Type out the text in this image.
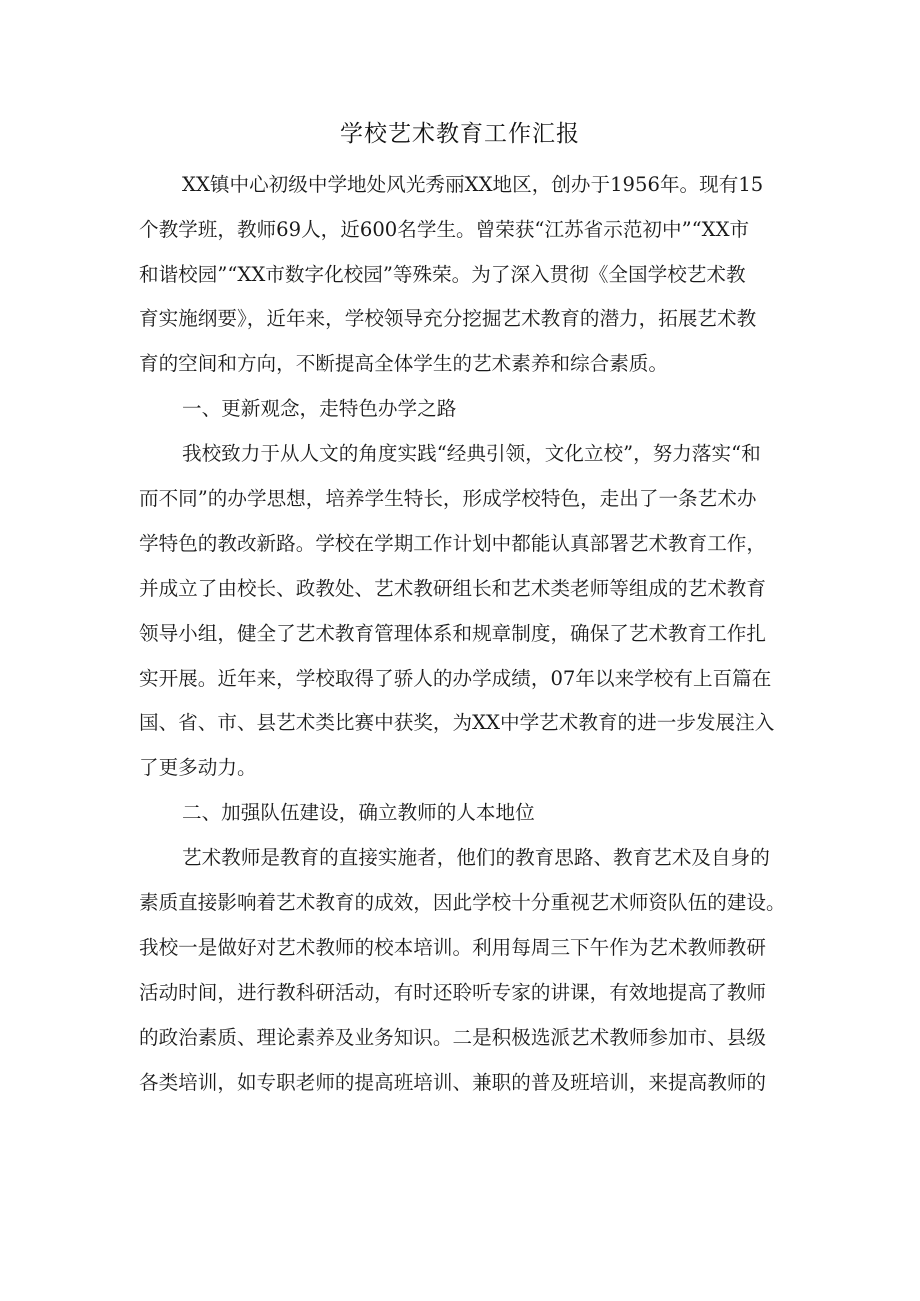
学校艺术教育工作汇报
XX镇中心初级中学地处风光秀丽XX地区，创办于1956年。现有15
个教学班，教师69人，近600名学生。曾荣获“江苏省示范初中”“XX市
和谐校园”“XX市数字化校园”等殊荣。为了深入贯彻《全国学校艺术教
育实施纲要》，近年来，学校领导充分挖掘艺术教育的潜力，拓展艺术教
育的空间和方向，不断提高全体学生的艺术素养和综合素质。
一、更新观念，走特色办学之路
我校致力于从人文的角度实践“经典引领，文化立校”，努力落实“和
而不同”的办学思想，培养学生特长，形成学校特色，走出了一条艺术办
学特色的教改新路。学校在学期工作计划中都能认真部署艺术教育工作，
并成立了由校长、政教处、艺术教研组长和艺术类老师等组成的艺术教育
领导小组，健全了艺术教育管理体系和规章制度，确保了艺术教育工作扎
实开展。近年来，学校取得了骄人的办学成绩，07年以来学校有上百篇在
国、省、市、县艺术类比赛中获奖，为XX中学艺术教育的进一步发展注入
了更多动力。
二、加强队伍建设，确立教师的人本地位
艺术教师是教育的直接实施者，他们的教育思路、教育艺术及自身的
素质直接影响着艺术教育的成效，因此学校十分重视艺术师资队伍的建设。
我校一是做好对艺术教师的校本培训。利用每周三下午作为艺术教师教研
活动时间，进行教科研活动，有时还聆听专家的讲课，有效地提高了教师
的政治素质、理论素养及业务知识。二是积极选派艺术教师参加市、县级
各类培训，如专职老师的提高班培训、兼职的普及班培训，来提高教师的
